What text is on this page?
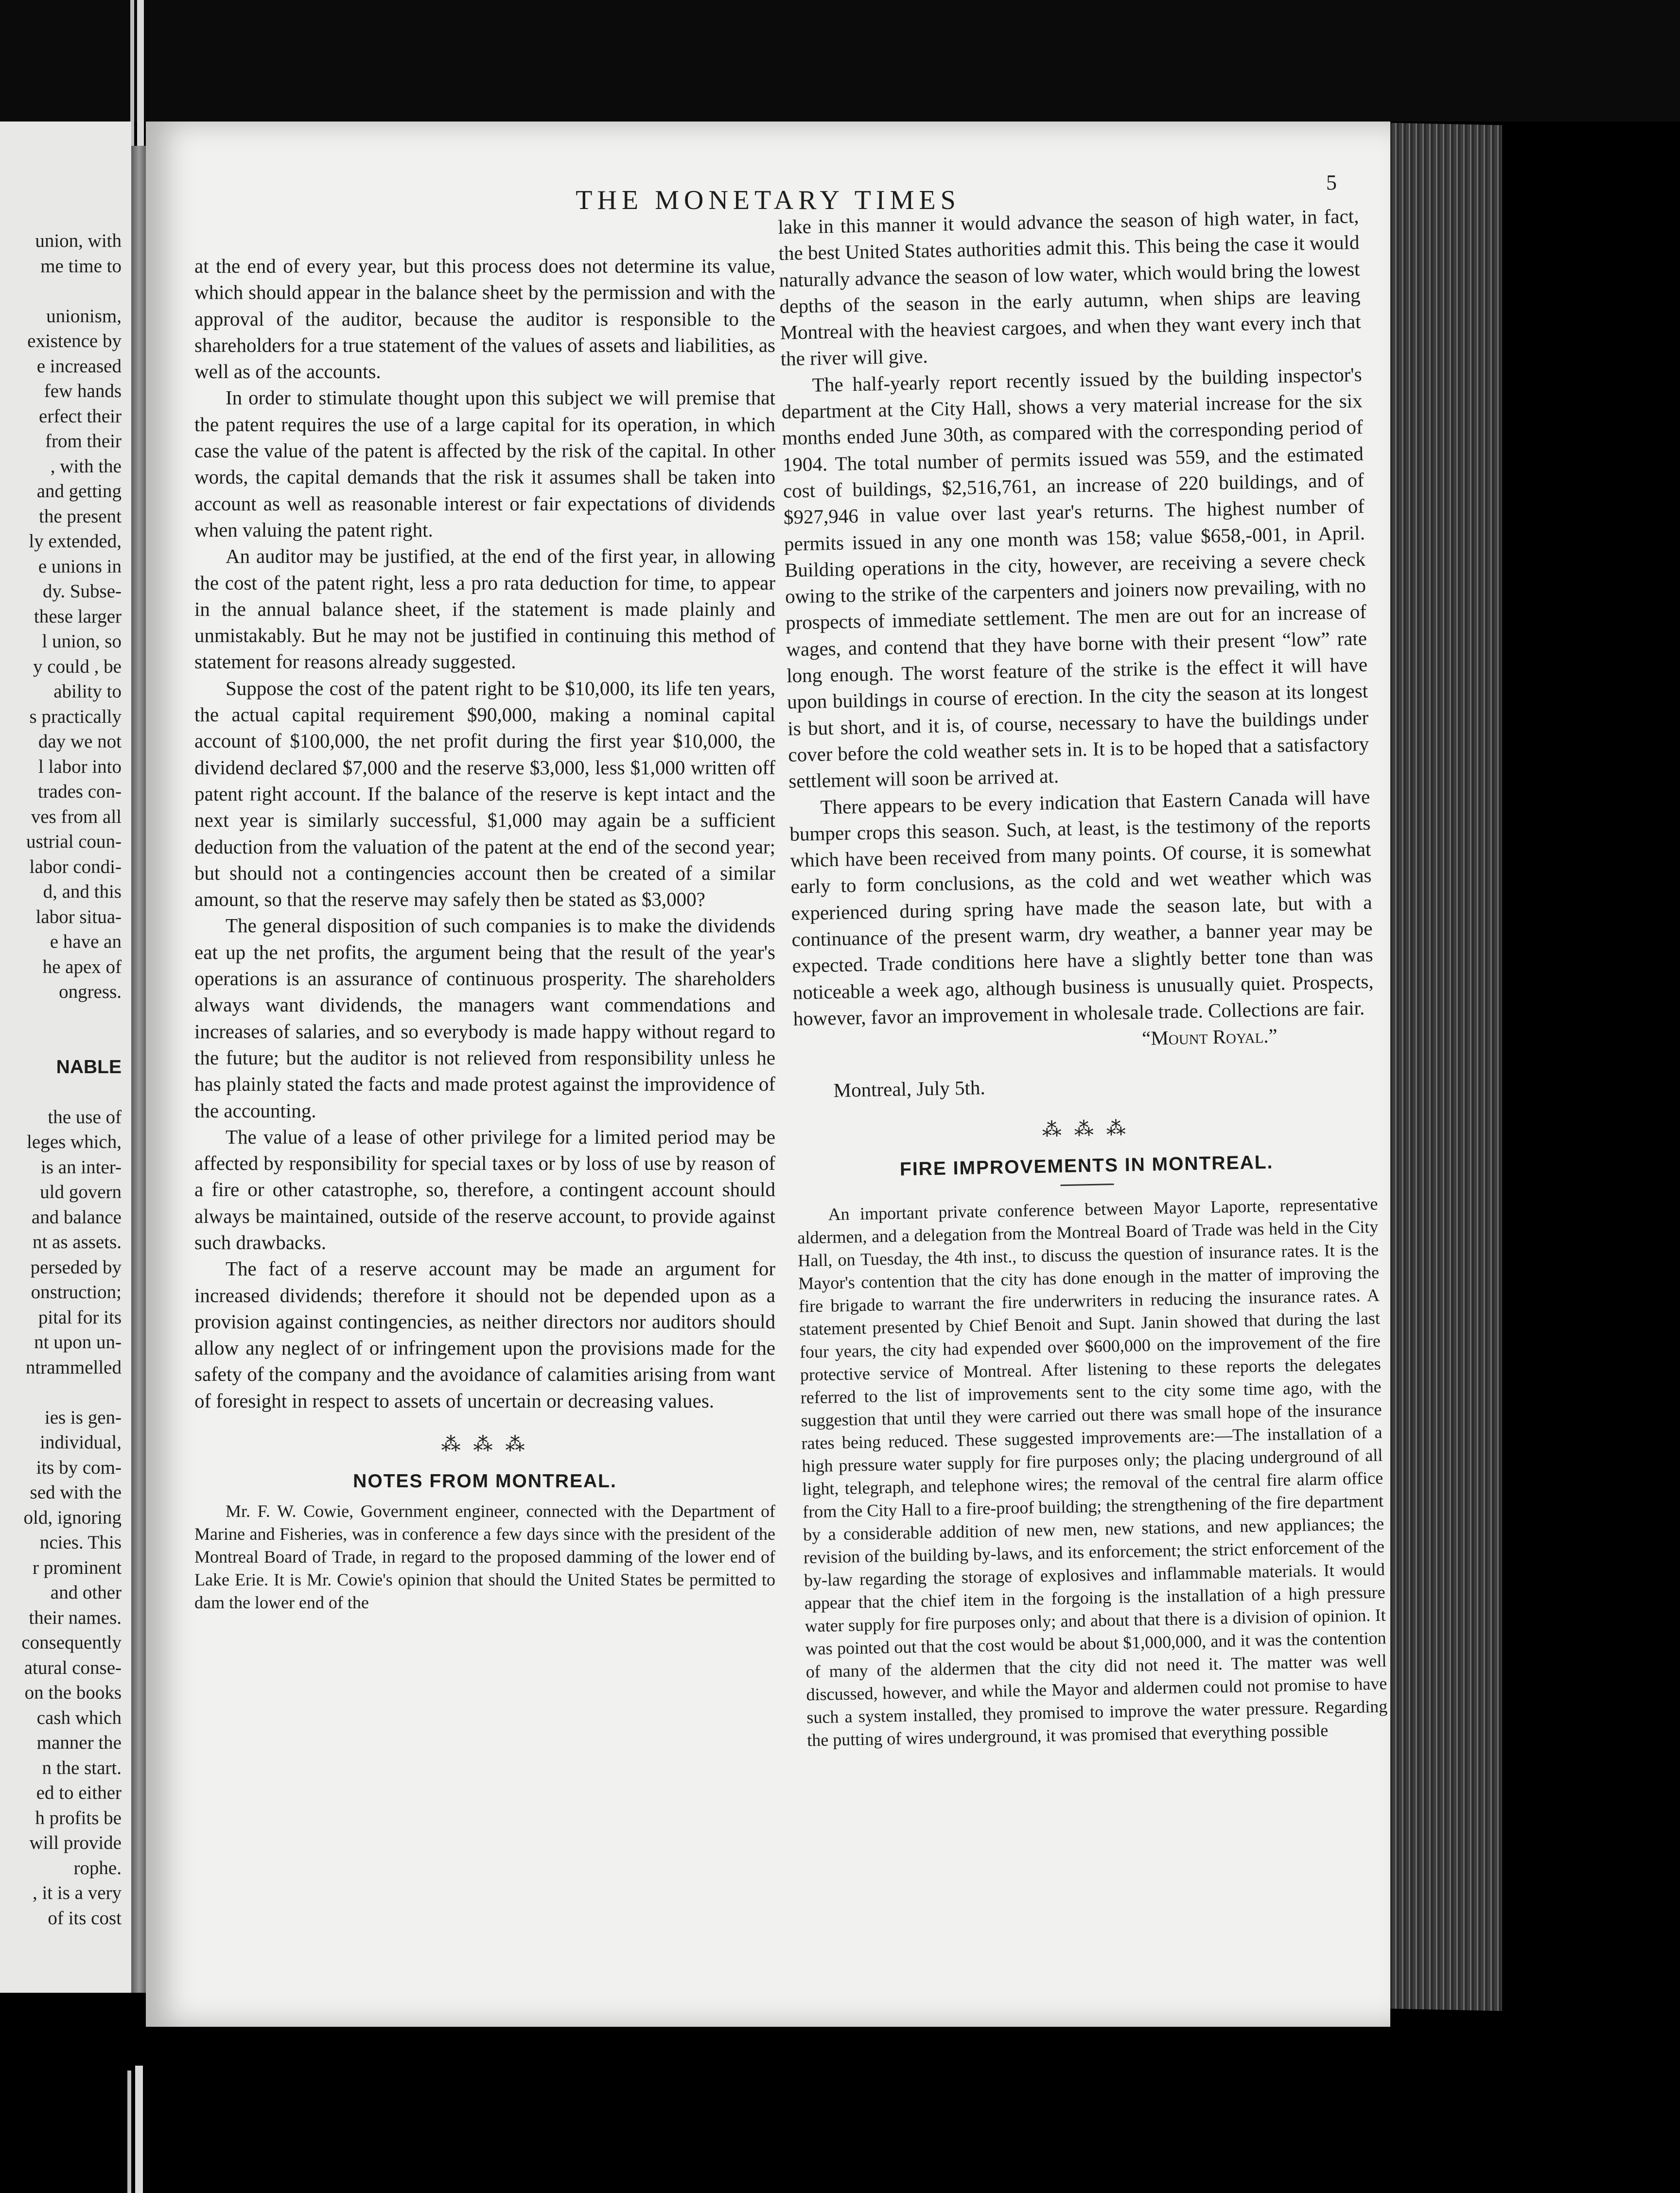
union, with
me time to
unionism,
existence by
e increased
few hands
erfect their
from their
, with the
and getting
the present
ly extended,
e unions in
dy. Subse-
these larger
l union, so
y could , be
ability to
s practically
day we not
l labor into
trades con-
ves from all
ustrial coun-
labor condi-
d, and this
labor situa-
e have an
he apex of
ongress.
NABLE
the use of
leges which,
is an inter-
uld govern
and balance
nt as assets.
perseded by
onstruction;
pital for its
nt upon un-
ntrammelled
ies is gen-
individual,
its by com-
sed with the
old, ignoring
ncies. This
r prominent
and other
their names.
consequently
atural conse-
on the books
cash which
manner the
n the start.
ed to either
h profits be
will provide
rophe.
, it is a very
of its cost
THE MONETARY TIMES
5

at the end of every year, but this process does not determine its value, which should appear in the balance sheet by the permission and with the approval of the auditor, because the auditor is responsible to the shareholders for a true statement of the values of assets and liabilities, as well as of the accounts.

In order to stimulate thought upon this subject we will premise that the patent requires the use of a large capital for its operation, in which case the value of the patent is affected by the risk of the capital. In other words, the capital demands that the risk it assumes shall be taken into account as well as reasonable interest or fair expectations of dividends when valuing the patent right.

An auditor may be justified, at the end of the first year, in allowing the cost of the patent right, less a pro rata deduction for time, to appear in the annual balance sheet, if the statement is made plainly and unmistakably. But he may not be justified in continuing this method of statement for reasons already suggested.

Suppose the cost of the patent right to be $10,000, its life ten years, the actual capital requirement $90,000, making a nominal capital account of $100,000, the net profit during the first year $10,000, the dividend declared $7,000 and the reserve $3,000, less $1,000 written off patent right account. If the balance of the reserve is kept intact and the next year is similarly successful, $1,000 may again be a sufficient deduction from the valuation of the patent at the end of the second year; but should not a contingencies account then be created of a similar amount, so that the reserve may safely then be stated as $3,000?

The general disposition of such companies is to make the dividends eat up the net profits, the argument being that the result of the year's operations is an assurance of continuous prosperity. The shareholders always want dividends, the managers want commendations and increases of salaries, and so everybody is made happy without regard to the future; but the auditor is not relieved from responsibility unless he has plainly stated the facts and made protest against the improvidence of the accounting.

The value of a lease of other privilege for a limited period may be affected by responsibility for special taxes or by loss of use by reason of a fire or other catastrophe, so, therefore, a contingent account should always be maintained, outside of the reserve account, to provide against such drawbacks.

The fact of a reserve account may be made an argument for increased dividends; therefore it should not be depended upon as a provision against contingencies, as neither directors nor auditors should allow any neglect of or infringement upon the provisions made for the safety of the company and the avoidance of calamities arising from want of foresight in respect to assets of uncertain or decreasing values.

⁂ ⁂ ⁂
NOTES FROM MONTREAL.

Mr. F. W. Cowie, Government engineer, connected with the Department of Marine and Fisheries, was in conference a few days since with the president of the Montreal Board of Trade, in regard to the proposed damming of the lower end of Lake Erie. It is Mr. Cowie's opinion that should the United States be permitted to dam the lower end of the

lake in this manner it would advance the season of high water, in fact, the best United States authorities admit this. This being the case it would naturally advance the season of low water, which would bring the lowest depths of the season in the early autumn, when ships are leaving Montreal with the heaviest cargoes, and when they want every inch that the river will give.

The half-yearly report recently issued by the building inspector's department at the City Hall, shows a very material increase for the six months ended June 30th, as compared with the corresponding period of 1904. The total number of permits issued was 559, and the estimated cost of buildings, $2,516,761, an increase of 220 buildings, and of $927,946 in value over last year's returns. The highest number of permits issued in any one month was 158; value $658,-001, in April. Building operations in the city, however, are receiving a severe check owing to the strike of the carpenters and joiners now prevailing, with no prospects of immediate settlement. The men are out for an increase of wages, and contend that they have borne with their present “low” rate long enough. The worst feature of the strike is the effect it will have upon buildings in course of erection. In the city the season at its longest is but short, and it is, of course, necessary to have the buildings under cover before the cold weather sets in. It is to be hoped that a satisfactory settlement will soon be arrived at.

There appears to be every indication that Eastern Canada will have bumper crops this season. Such, at least, is the testimony of the reports which have been received from many points. Of course, it is somewhat early to form conclusions, as the cold and wet weather which was experienced during spring have made the season late, but with a continuance of the present warm, dry weather, a banner year may be expected. Trade conditions here have a slightly better tone than was noticeable a week ago, although business is unusually quiet. Prospects, however, favor an improvement in wholesale trade. Collections are fair.

“Mount Royal.”
Montreal, July 5th.
⁂ ⁂ ⁂
FIRE IMPROVEMENTS IN MONTREAL.

An important private conference between Mayor Laporte, representative aldermen, and a delegation from the Montreal Board of Trade was held in the City Hall, on Tuesday, the 4th inst., to discuss the question of insurance rates. It is the Mayor's contention that the city has done enough in the matter of improving the fire brigade to warrant the fire underwriters in reducing the insurance rates. A statement presented by Chief Benoit and Supt. Janin showed that during the last four years, the city had expended over $600,000 on the improvement of the fire protective service of Montreal. After listening to these reports the delegates referred to the list of improvements sent to the city some time ago, with the suggestion that until they were carried out there was small hope of the insurance rates being reduced. These suggested improvements are:—The installation of a high pressure water supply for fire purposes only; the placing underground of all light, telegraph, and telephone wires; the removal of the central fire alarm office from the City Hall to a fire-proof building; the strengthening of the fire department by a considerable addition of new men, new stations, and new appliances; the revision of the building by-laws, and its enforcement; the strict enforcement of the by-law regarding the storage of explosives and inflammable materials. It would appear that the chief item in the forgoing is the installation of a high pressure water supply for fire purposes only; and about that there is a division of opinion. It was pointed out that the cost would be about $1,000,000, and it was the contention of many of the aldermen that the city did not need it. The matter was well discussed, however, and while the Mayor and aldermen could not promise to have such a system installed, they promised to improve the water pressure. Regarding the putting of wires underground, it was promised that everything possible
